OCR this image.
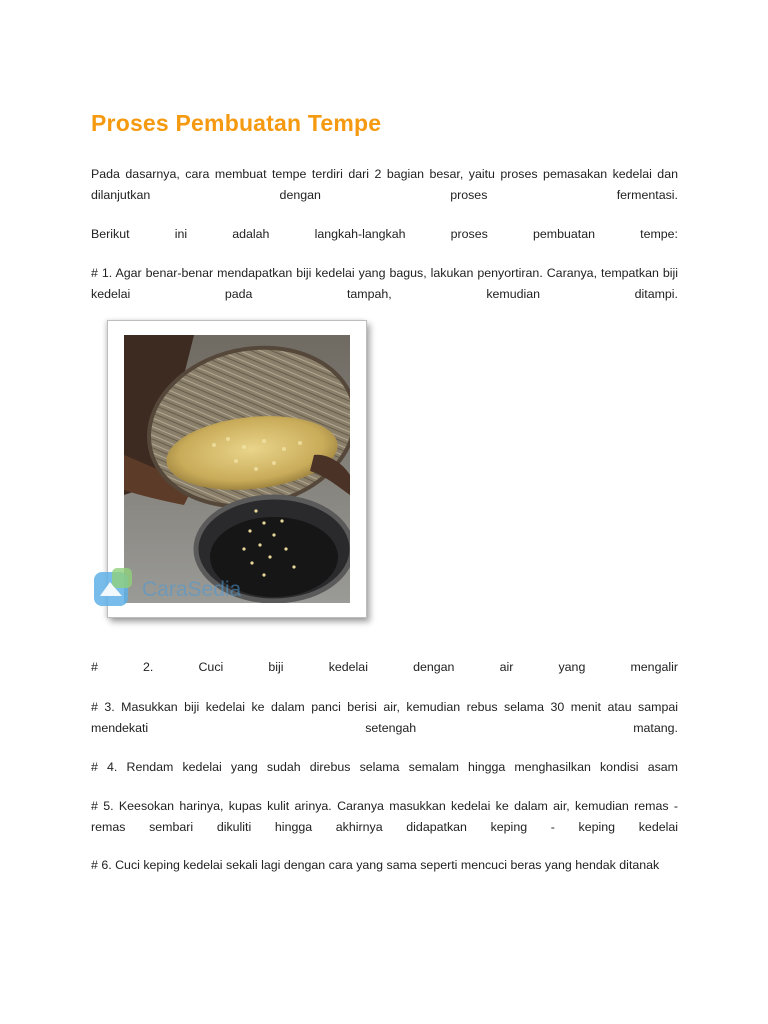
Proses Pembuatan Tempe

Pada dasarnya, cara membuat tempe terdiri dari 2 bagian besar, yaitu proses pemasakan kedelai dan dilanjutkan dengan proses fermentasi.

Berikut ini adalah langkah-langkah proses pembuatan tempe:

# 1. Agar benar-benar mendapatkan biji kedelai yang bagus, lakukan penyortiran. Caranya, tempatkan biji kedelai pada tampah, kemudian ditampi.

CaraSedia

# 2. Cuci biji kedelai dengan air yang mengalir

# 3. Masukkan biji kedelai ke dalam panci berisi air, kemudian rebus selama 30 menit atau sampai mendekati setengah matang.

# 4. Rendam kedelai yang sudah direbus selama semalam hingga menghasilkan kondisi asam

# 5. Keesokan harinya, kupas kulit arinya. Caranya masukkan kedelai ke dalam air, kemudian remas - remas sembari dikuliti hingga akhirnya didapatkan keping - keping kedelai

# 6. Cuci keping kedelai sekali lagi dengan cara yang sama seperti mencuci beras yang hendak ditanak
